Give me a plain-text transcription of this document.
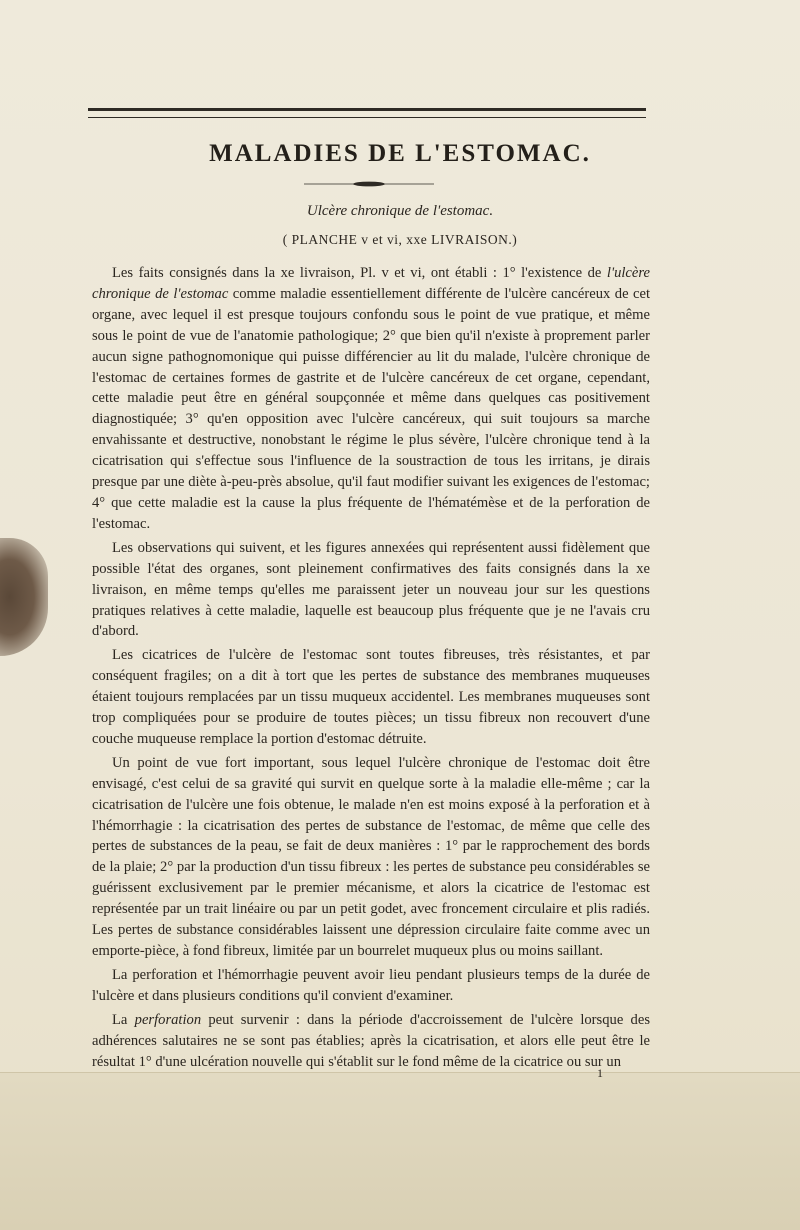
MALADIES DE L'ESTOMAC.
Ulcère chronique de l'estomac.
( PLANCHE v et vi, xxe LIVRAISON.)

Les faits consignés dans la xe livraison, Pl. v et vi, ont établi : 1° l'existence de l'ulcère chronique de l'estomac comme maladie essentiellement différente de l'ulcère cancéreux de cet organe, avec lequel il est presque toujours confondu sous le point de vue pratique, et même sous le point de vue de l'anatomie pathologique; 2° que bien qu'il n'existe à proprement parler aucun signe pathognomonique qui puisse différencier au lit du malade, l'ulcère chronique de l'estomac de certaines formes de gastrite et de l'ulcère cancéreux de cet organe, cependant, cette maladie peut être en général soupçonnée et même dans quelques cas positivement diagnostiquée; 3° qu'en opposition avec l'ulcère cancéreux, qui suit toujours sa marche envahissante et destructive, nonobstant le régime le plus sévère, l'ulcère chronique tend à la cicatrisation qui s'effectue sous l'influence de la soustraction de tous les irritans, je dirais presque par une diète à-peu-près absolue, qu'il faut modifier suivant les exigences de l'estomac; 4° que cette maladie est la cause la plus fréquente de l'hématémèse et de la perforation de l'estomac.

Les observations qui suivent, et les figures annexées qui représentent aussi fidèlement que possible l'état des organes, sont pleinement confirmatives des faits consignés dans la xe livraison, en même temps qu'elles me paraissent jeter un nouveau jour sur les questions pratiques relatives à cette maladie, laquelle est beaucoup plus fréquente que je ne l'avais cru d'abord.

Les cicatrices de l'ulcère de l'estomac sont toutes fibreuses, très résistantes, et par conséquent fragiles; on a dit à tort que les pertes de substance des membranes muqueuses étaient toujours remplacées par un tissu muqueux accidentel. Les membranes muqueuses sont trop compliquées pour se produire de toutes pièces; un tissu fibreux non recouvert d'une couche muqueuse remplace la portion d'estomac détruite.

Un point de vue fort important, sous lequel l'ulcère chronique de l'estomac doit être envisagé, c'est celui de sa gravité qui survit en quelque sorte à la maladie elle-même ; car la cicatrisation de l'ulcère une fois obtenue, le malade n'en est moins exposé à la perforation et à l'hémorrhagie : la cicatrisation des pertes de substance de l'estomac, de même que celle des pertes de substances de la peau, se fait de deux manières : 1° par le rapprochement des bords de la plaie; 2° par la production d'un tissu fibreux : les pertes de substance peu considérables se guérissent exclusivement par le premier mécanisme, et alors la cicatrice de l'estomac est représentée par un trait linéaire ou par un petit godet, avec froncement circulaire et plis radiés. Les pertes de substance considérables laissent une dépression circulaire faite comme avec un emporte-pièce, à fond fibreux, limitée par un bourrelet muqueux plus ou moins saillant.

La perforation et l'hémorrhagie peuvent avoir lieu pendant plusieurs temps de la durée de l'ulcère et dans plusieurs conditions qu'il convient d'examiner.

La perforation peut survenir : dans la période d'accroissement de l'ulcère lorsque des adhérences salutaires ne se sont pas établies; après la cicatrisation, et alors elle peut être le résultat 1° d'une ulcération nouvelle qui s'établit sur le fond même de la cicatrice ou sur un

1
